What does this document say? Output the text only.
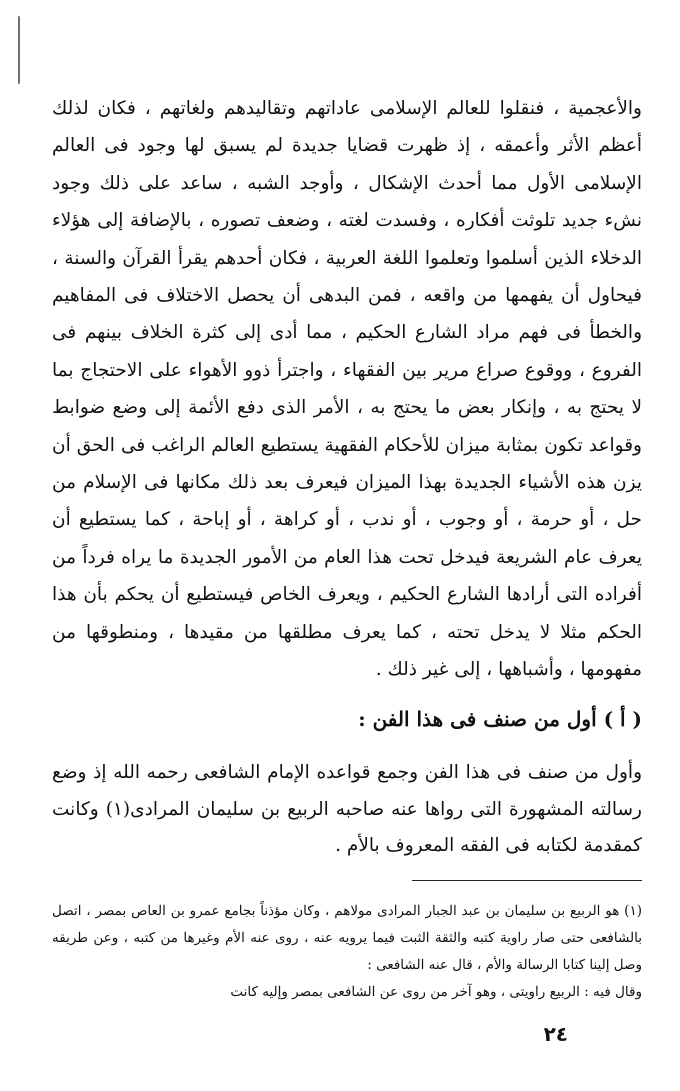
والأعجمية ، فنقلوا للعالم الإسلامى عاداتهم وتقاليدهم ولغاتهم ، فكان لذلك أعظم الأثر وأعمقه ، إذ ظهرت قضايا جديدة لم يسبق لها وجود فى العالم الإسلامى الأول مما أحدث الإشكال ، وأوجد الشبه ، ساعد على ذلك وجود نشء جديد تلوثت أفكاره ، وفسدت لغته ، وضعف تصوره ، بالإضافة إلى هؤلاء الدخلاء الذين أسلموا وتعلموا اللغة العربية ، فكان أحدهم يقرأ القرآن والسنة ، فيحاول أن يفهمها من واقعه ، فمن البدهى أن يحصل الاختلاف فى المفاهيم والخطأ فى فهم مراد الشارع الحكيم ، مما أدى إلى كثرة الخلاف بينهم فى الفروع ، ووقوع صراع مرير بين الفقهاء ، واجترأ ذوو الأهواء على الاحتجاج بما لا يحتج به ، وإنكار بعض ما يحتج به ، الأمر الذى دفع الأئمة إلى وضع ضوابط وقواعد تكون بمثابة ميزان للأحكام الفقهية يستطيع العالم الراغب فى الحق أن يزن هذه الأشياء الجديدة بهذا الميزان فيعرف بعد ذلك مكانها فى الإسلام من حل ، أو حرمة ، أو وجوب ، أو ندب ، أو كراهة ، أو إباحة ، كما يستطيع أن يعرف عام الشريعة فيدخل تحت هذا العام من الأمور الجديدة ما يراه فرداً من أفراده التى أرادها الشارع الحكيم ، ويعرف الخاص فيستطيع أن يحكم بأن هذا الحكم مثلا لا يدخل تحته ، كما يعرف مطلقها من مقيدها ، ومنطوقها من مفهومها ، وأشباهها ، إلى غير ذلك .

( أ ) أول من صنف فى هذا الفن :

وأول من صنف فى هذا الفن وجمع قواعده الإمام الشافعى رحمه الله إذ وضع رسالته المشهورة التى رواها عنه صاحبه الربيع بن سليمان المرادى(١) وكانت كمقدمة لكتابه فى الفقه المعروف بالأم .

(١) هو الربيع بن سليمان بن عبد الجبار المرادى مولاهم ، وكان مؤذناً بجامع عمرو بن العاص بمصر ، اتصل بالشافعى حتى صار راوية كتبه والثقة الثبت فيما يرويه عنه ، روى عنه الأم وغيرها من كتبه ، وعن طريقه وصل إلينا كتابا الرسالة والأم ، قال عنه الشافعى :

وقال فيه : الربيع راويتى ، وهو آخر من روى عن الشافعى بمصر وإليه كانت

٢٤
